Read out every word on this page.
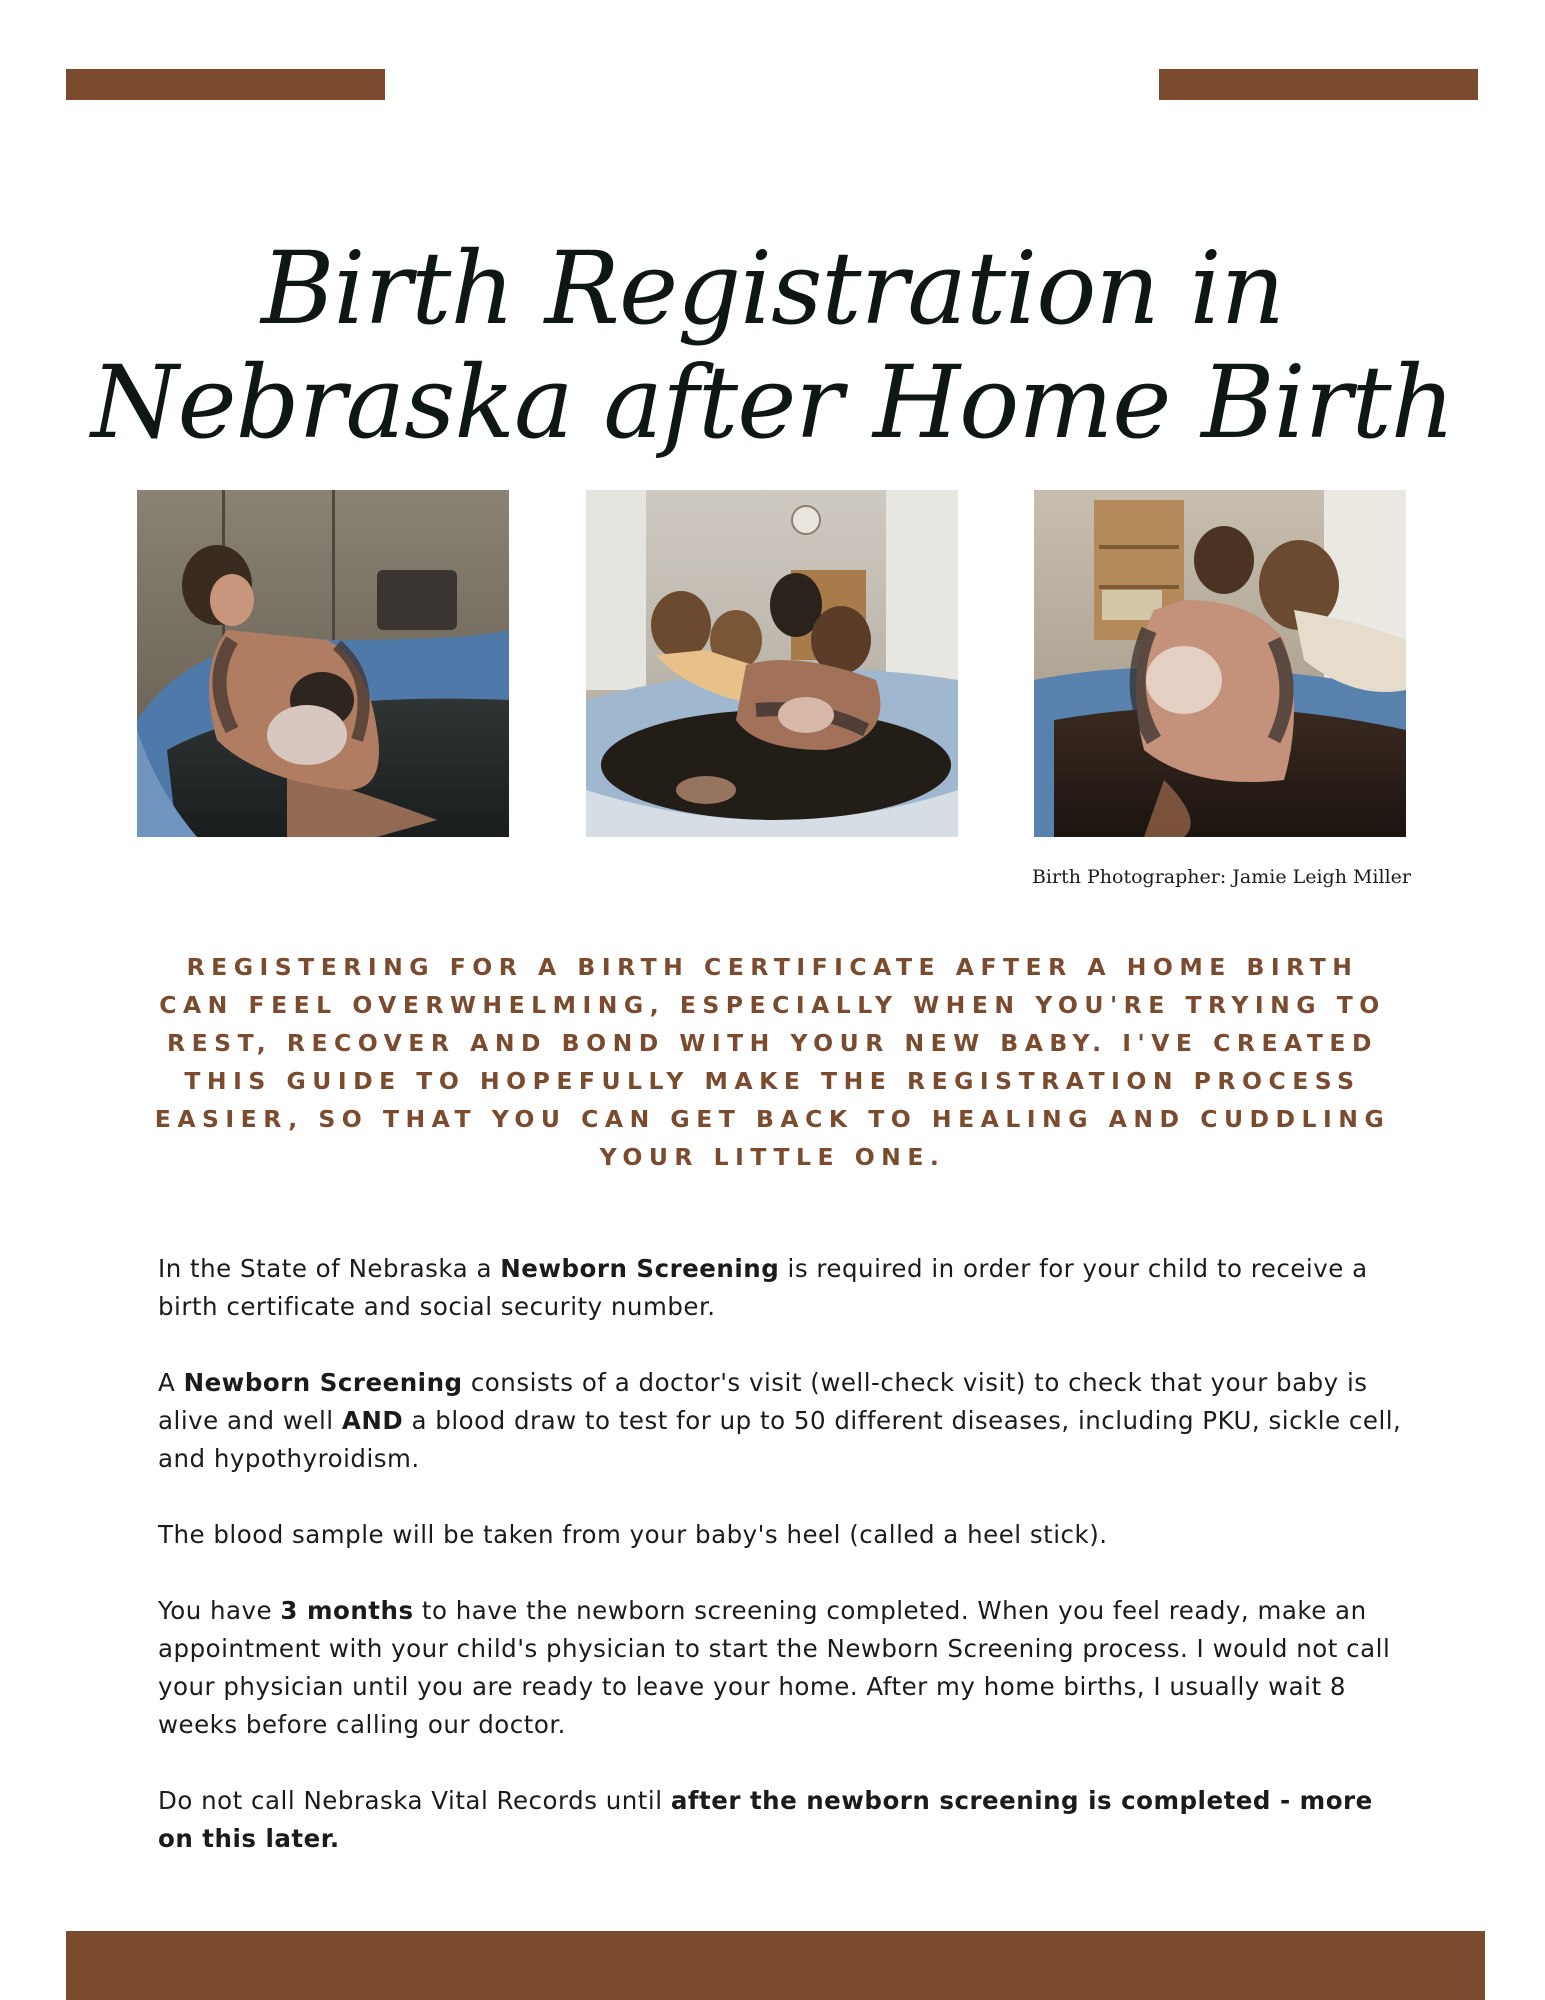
Birth Registration in
Nebraska after Home Birth
Birth Photographer: Jamie Leigh Miller
REGISTERING FOR A BIRTH CERTIFICATE AFTER A HOME BIRTH CAN FEEL OVERWHELMING, ESPECIALLY WHEN YOU'RE TRYING TO REST, RECOVER AND BOND WITH YOUR NEW BABY. I'VE CREATED THIS GUIDE TO HOPEFULLY MAKE THE REGISTRATION PROCESS EASIER, SO THAT YOU CAN GET BACK TO HEALING AND CUDDLING YOUR LITTLE ONE.

In the State of Nebraska a Newborn Screening is required in order for your child to receive a birth certificate and social security number.

A Newborn Screening consists of a doctor's visit (well-check visit) to check that your baby is alive and well AND a blood draw to test for up to 50 different diseases, including PKU, sickle cell, and hypothyroidism.

The blood sample will be taken from your baby's heel (called a heel stick).

You have 3 months to have the newborn screening completed. When you feel ready, make an appointment with your child's physician to start the Newborn Screening process. I would not call your physician until you are ready to leave your home. After my home births, I usually wait 8 weeks before calling our doctor.

Do not call Nebraska Vital Records until after the newborn screening is completed - more on this later.
